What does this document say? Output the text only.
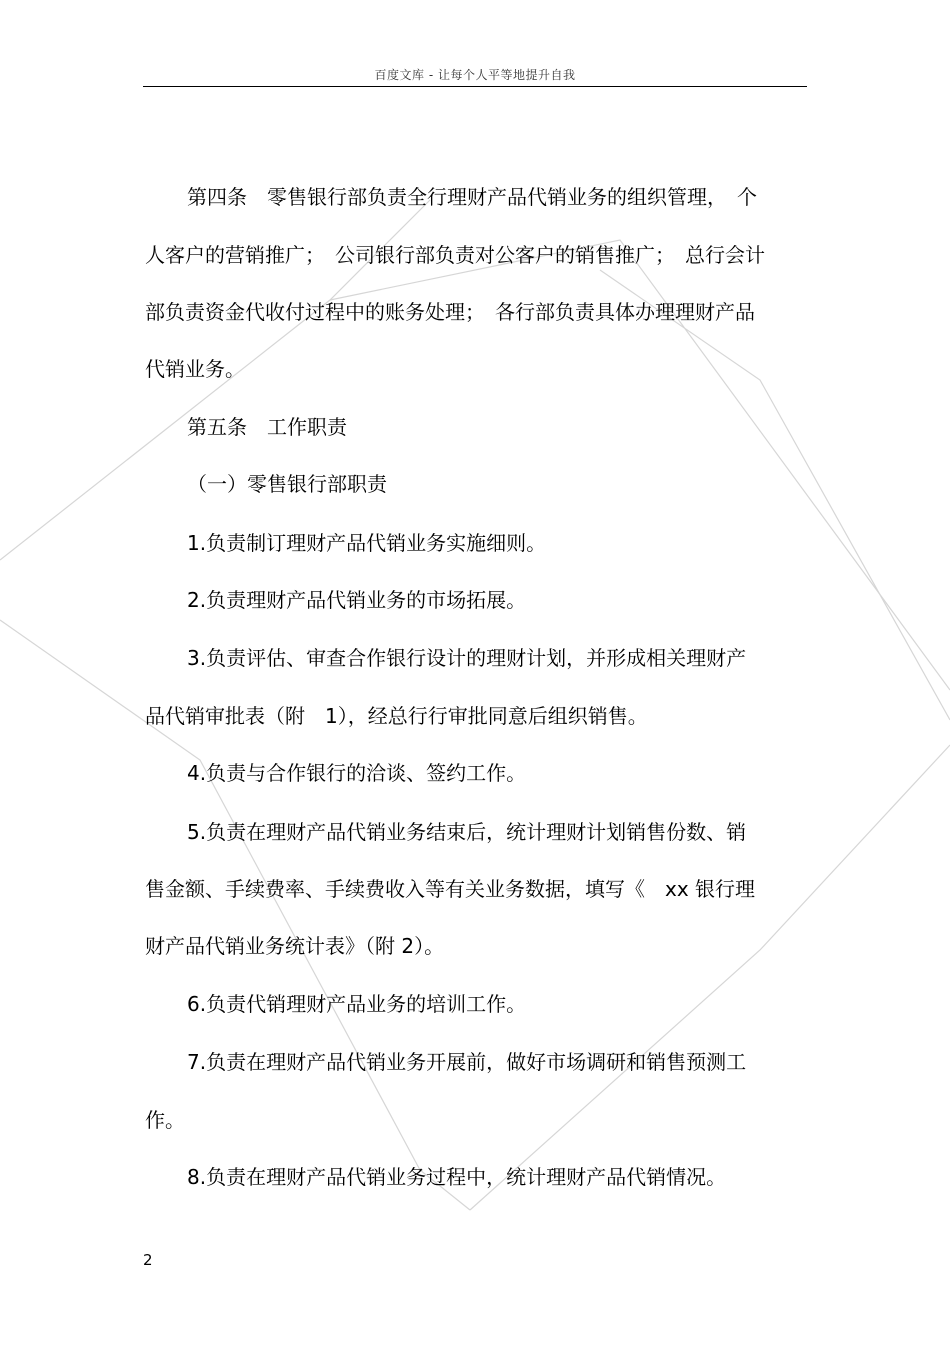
百度文库 - 让每个人平等地提升自我
第四条　零售银行部负责全行理财产品代销业务的组织管理，　个
人客户的营销推广；　公司银行部负责对公客户的销售推广；　总行会计
部负责资金代收付过程中的账务处理；　各行部负责具体办理理财产品
代销业务。
第五条　工作职责
（一）零售银行部职责
1.负责制订理财产品代销业务实施细则。
2.负责理财产品代销业务的市场拓展。
3.负责评估、审查合作银行设计的理财计划，并形成相关理财产
品代销审批表（附　1），经总行行审批同意后组织销售。
4.负责与合作银行的洽谈、签约工作。
5.负责在理财产品代销业务结束后，统计理财计划销售份数、销
售金额、手续费率、手续费收入等有关业务数据，填写《　xx 银行理
财产品代销业务统计表》（附 2）。
6.负责代销理财产品业务的培训工作。
7.负责在理财产品代销业务开展前，做好市场调研和销售预测工
作。
8.负责在理财产品代销业务过程中，统计理财产品代销情况。
2
